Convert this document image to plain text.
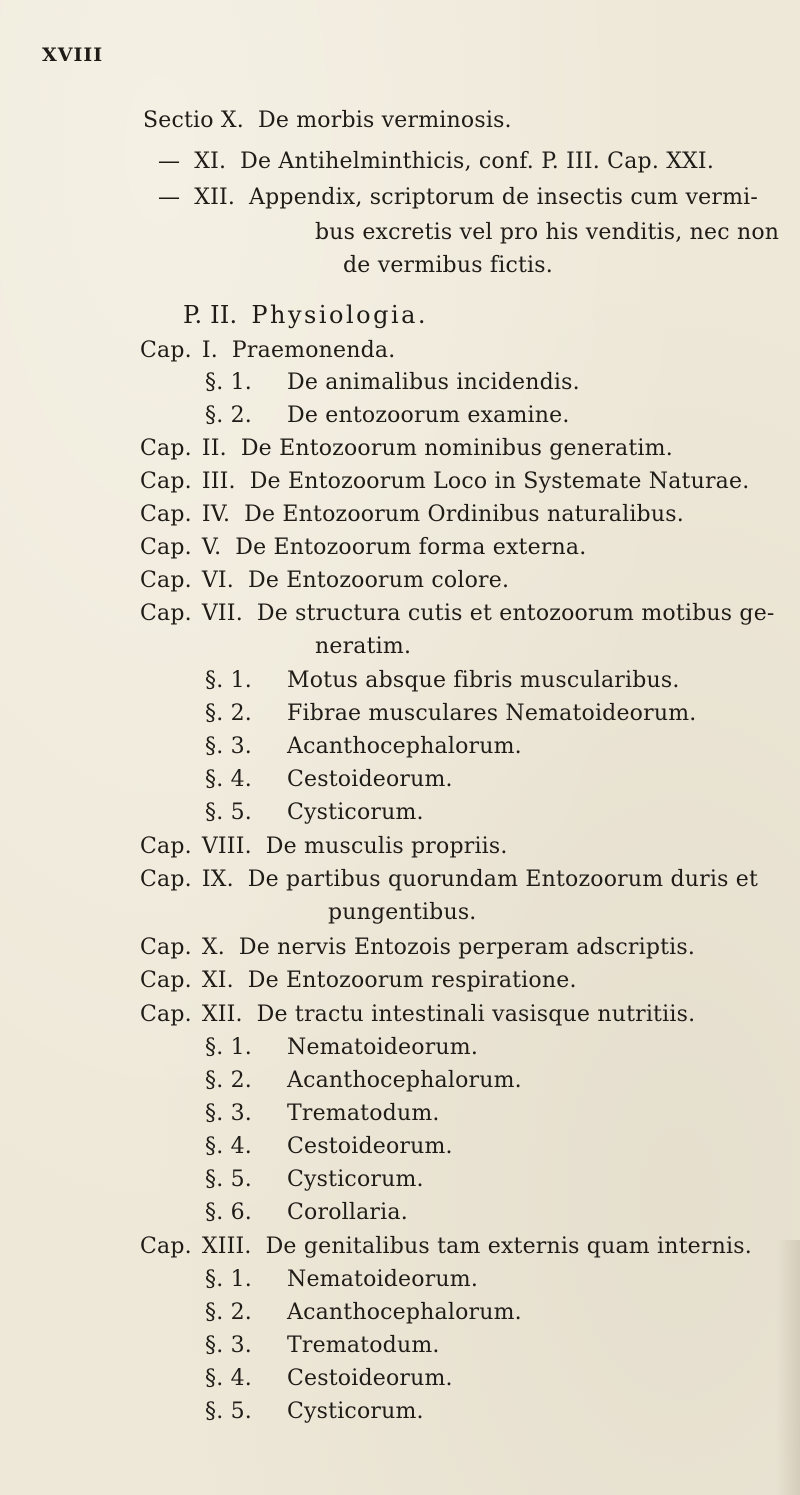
XVIII
Sectio X. De morbis verminosis.
— XI. De Antihelminthicis, conf. P. III. Cap. XXI.
— XII. Appendix, scriptorum de insectis cum vermi-
bus excretis vel pro his venditis, nec non
de vermibus fictis.
P. II. Physiologia.
Cap. I. Praemonenda.
§. 1. De animalibus incidendis.
§. 2. De entozoorum examine.
Cap. II. De Entozoorum nominibus generatim.
Cap. III. De Entozoorum Loco in Systemate Naturae.
Cap. IV. De Entozoorum Ordinibus naturalibus.
Cap. V. De Entozoorum forma externa.
Cap. VI. De Entozoorum colore.
Cap. VII. De structura cutis et entozoorum motibus ge-
neratim.
§. 1. Motus absque fibris muscularibus.
§. 2. Fibrae musculares Nematoideorum.
§. 3. Acanthocephalorum.
§. 4. Cestoideorum.
§. 5. Cysticorum.
Cap. VIII. De musculis propriis.
Cap. IX. De partibus quorundam Entozoorum duris et
pungentibus.
Cap. X. De nervis Entozois perperam adscriptis.
Cap. XI. De Entozoorum respiratione.
Cap. XII. De tractu intestinali vasisque nutritiis.
§. 1. Nematoideorum.
§. 2. Acanthocephalorum.
§. 3. Trematodum.
§. 4. Cestoideorum.
§. 5. Cysticorum.
§. 6. Corollaria.
Cap. XIII. De genitalibus tam externis quam internis.
§. 1. Nematoideorum.
§. 2. Acanthocephalorum.
§. 3. Trematodum.
§. 4. Cestoideorum.
§. 5. Cysticorum.
